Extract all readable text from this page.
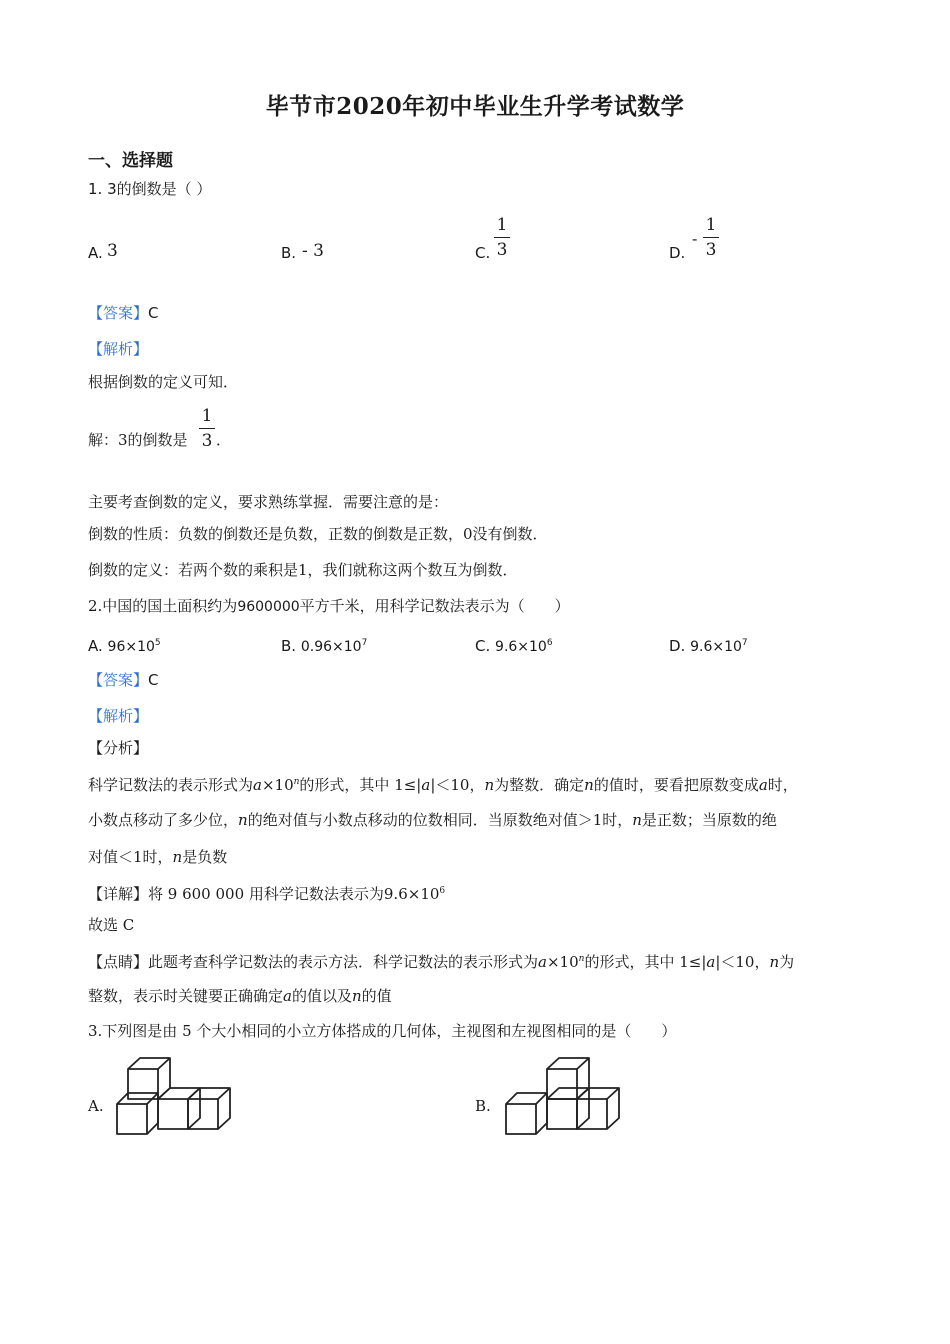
毕节市2020年初中毕业生升学考试数学
一、选择题
1. 3的倒数是（ ）
A. 3	B. - 3	C.
1
3	D.
-
1
3
【答案】C
【解析】
根据倒数的定义可知．
解：3的倒数是
1
3 ．
主要考查倒数的定义，要求熟练掌握．需要注意的是：
倒数的性质：负数的倒数还是负数，正数的倒数是正数，0没有倒数．
倒数的定义：若两个数的乘积是1，我们就称这两个数互为倒数．
2.中国的国土面积约为9600000平方千米，用科学记数法表示为（　　）
A. $96\times 10^5$	B. $0.96\times 10^7$	C. $9.6\times 10^6$	D. $9.6\times 10^7$
【答案】C
【解析】
【分析】
科学记数法的表示形式为$a\times 10^n$的形式，其中 1≤|a|＜10，n为整数．确定n的值时，要看把原数变成a时，
小数点移动了多少位，n的绝对值与小数点移动的位数相同．当原数绝对值＞1时，n是正数；当原数的绝
对值＜1时，n是负数
【详解】将 9 600 000 用科学记数法表示为$9.6\times 10^6$
故选 C
【点睛】此题考查科学记数法的表示方法．科学记数法的表示形式为$a\times 10^n$的形式，其中 1≤|a|＜10，n为
整数，表示时关键要正确确定a的值以及n的值
3.下列图是由 5 个大小相同的小立方体搭成的几何体，主视图和左视图相同的是（　　）
A.	B.
